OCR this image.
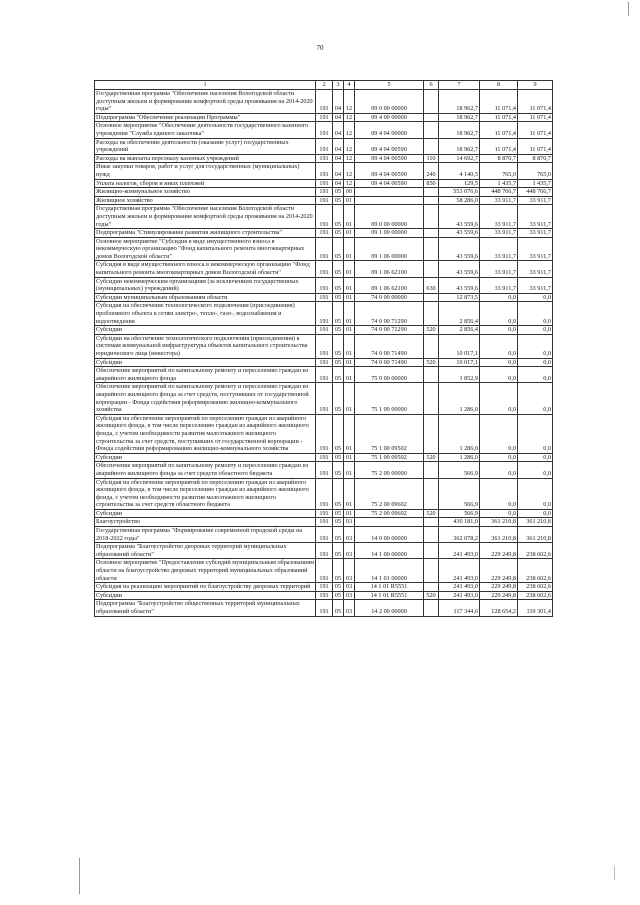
70
1	2	3	4	5	6	7	8	9
Государственная программа "Обеспечение населения Вологодской области доступным жильем и формирование комфортной среды проживания на 2014-2020 годы"	191	04	12	09 0 00 00000		18 962,7	11 071,4	11 071,4
Подпрограмма "Обеспечение реализации Программы"	191	04	12	09 4 00 00000		18 962,7	11 071,4	11 071,4
Основное мероприятие "Обеспечение деятельности государственного казенного учреждения "Служба единого заказчика"	191	04	12	09 4 04 00000		18 962,7	11 071,4	11 071,4
Расходы на обеспечение деятельности (оказание услуг) государственных учреждений	191	04	12	09 4 04 00590		18 962,7	11 071,4	11 071,4
Расходы на выплаты персоналу казенных учреждений	191	04	12	09 4 04 00590	110	14 692,7	8 870,7	8 870,7
Иные закупки товаров, работ и услуг для государственных (муниципальных) нужд	191	04	12	09 4 04 00590	240	4 140,5	765,0	765,0
Уплата налогов, сборов и иных платежей	191	04	12	09 4 04 00590	850	129,5	1 435,7	1 435,7
Жилищно-коммунальное хозяйство	191	05	00			553 076,6	448 766,7	448 766,7
Жилищное хозяйство	191	05	01			58 286,0	33 911,7	33 911,7
Государственная программа "Обеспечение населения Вологодской области доступным жильем и формирование комфортной среды проживания на 2014-2020 годы"	191	05	01	09 0 00 00000		43 559,6	33 911,7	33 911,7
Подпрограмма "Стимулирование развития жилищного строительства"	191	05	01	09 1 00 00000		43 559,6	33 911,7	33 911,7
Основное мероприятие "Субсидия в виде имущественного взноса в некоммерческую организацию "Фонд капитального ремонта многоквартирных домов Вологодской области"	191	05	01	09 1 06 00000		43 559,6	33 911,7	33 911,7
Субсидия в виде имущественного взноса в некоммерческую организацию "Фонд капитального ремонта многоквартирных домов Вологодской области"	191	05	01	09 1 06 62100		43 559,6	33 911,7	33 911,7
Субсидии некоммерческим организациям (за исключением государственных (муниципальных) учреждений)	191	05	01	09 1 06 62100	630	43 559,6	33 911,7	33 911,7
Субсидии муниципальным образованиям области	191	05	01	74 0 00 00000		12 873,5	0,0	0,0
Субсидия на обеспечение технологического подключения (присоединения) проблемного объекта к сетям электро-, тепло-, газо-, водоснабжения и водоотведения	191	05	01	74 0 00 71290		2 856,4	0,0	0,0
Субсидии	191	05	01	74 0 00 71290	520	2 856,4	0,0	0,0
Субсидии на обеспечение технологического подключения (присоединения) к системам коммунальной инфраструктуры объектов капитального строительства юридического лица (инвестора)	191	05	01	74 0 00 71490		10 017,1	0,0	0,0
Субсидии	191	05	01	74 0 00 71490	520	10 017,1	0,0	0,0
Обеспечение мероприятий по капитальному ремонту и переселению граждан из аварийного жилищного фонда	191	05	01	75 0 00 00000		1 852,9	0,0	0,0
Обеспечение мероприятий по капитальному ремонту и переселению граждан из аварийного жилищного фонда за счет средств, поступивших от государственной корпорации - Фонда содействия реформированию жилищно-коммунального хозяйства	191	05	01	75 1 00 00000		1 286,0	0,0	0,0
Субсидия на обеспечение мероприятий по переселению граждан из аварийного жилищного фонда, в том числе переселению граждан из аварийного жилищного фонда, с учетом необходимости развития малоэтажного жилищного строительства за счет средств, поступивших от государственной корпорации - Фонда содействия реформированию жилищно-коммунального хозяйства	191	05	01	75 1 00 09502		1 286,0	0,0	0,0
Субсидии	191	05	01	75 1 00 09502	520	1 286,0	0,0	0,0
Обеспечение мероприятий по капитальному ремонту и переселению граждан из аварийного жилищного фонда за счет средств областного бюджета	191	05	01	75 2 00 00000		566,9	0,0	0,0
Субсидия на обеспечение мероприятий по переселению граждан из аварийного жилищного фонда, в том числе переселению граждан из аварийного жилищного фонда, с учетом необходимости развития малоэтажного жилищного строительства за счет средств областного бюджета	191	05	01	75 2 00 09602		566,9	0,0	0,0
Субсидии	191	05	01	75 2 00 09602	520	566,9	0,0	0,0
Благоустройство	191	05	03			430 181,0	361 210,8	361 210,8
Государственная программа "Формирование современной городской среды на 2018-2022 годы"	191	05	03	14 0 00 00000		362 078,2	361 210,8	361 210,8
Подпрограмма "Благоустройство дворовых территорий муниципальных образований области"	191	05	03	14 1 00 00000		241 493,0	229 249,8	238 602,6
Основное мероприятие "Предоставление субсидий муниципальным образованиям области на благоустройство дворовых территорий муниципальных образований области	191	05	03	14 1 01 00000		241 493,0	229 249,8	238 602,6
Субсидия на реализацию мероприятий по благоустройству дворовых территорий	191	05	03	14 1 01 R5551		241 493,0	229 249,8	238 602,6
Субсидии	191	05	03	14 1 01 R5551	520	241 493,0	229 249,8	238 602,6
Подпрограмма "Благоустройство общественных территорий муниципальных образований области"	191	05	03	14 2 00 00000		117 344,6	128 654,2	119 301,4
